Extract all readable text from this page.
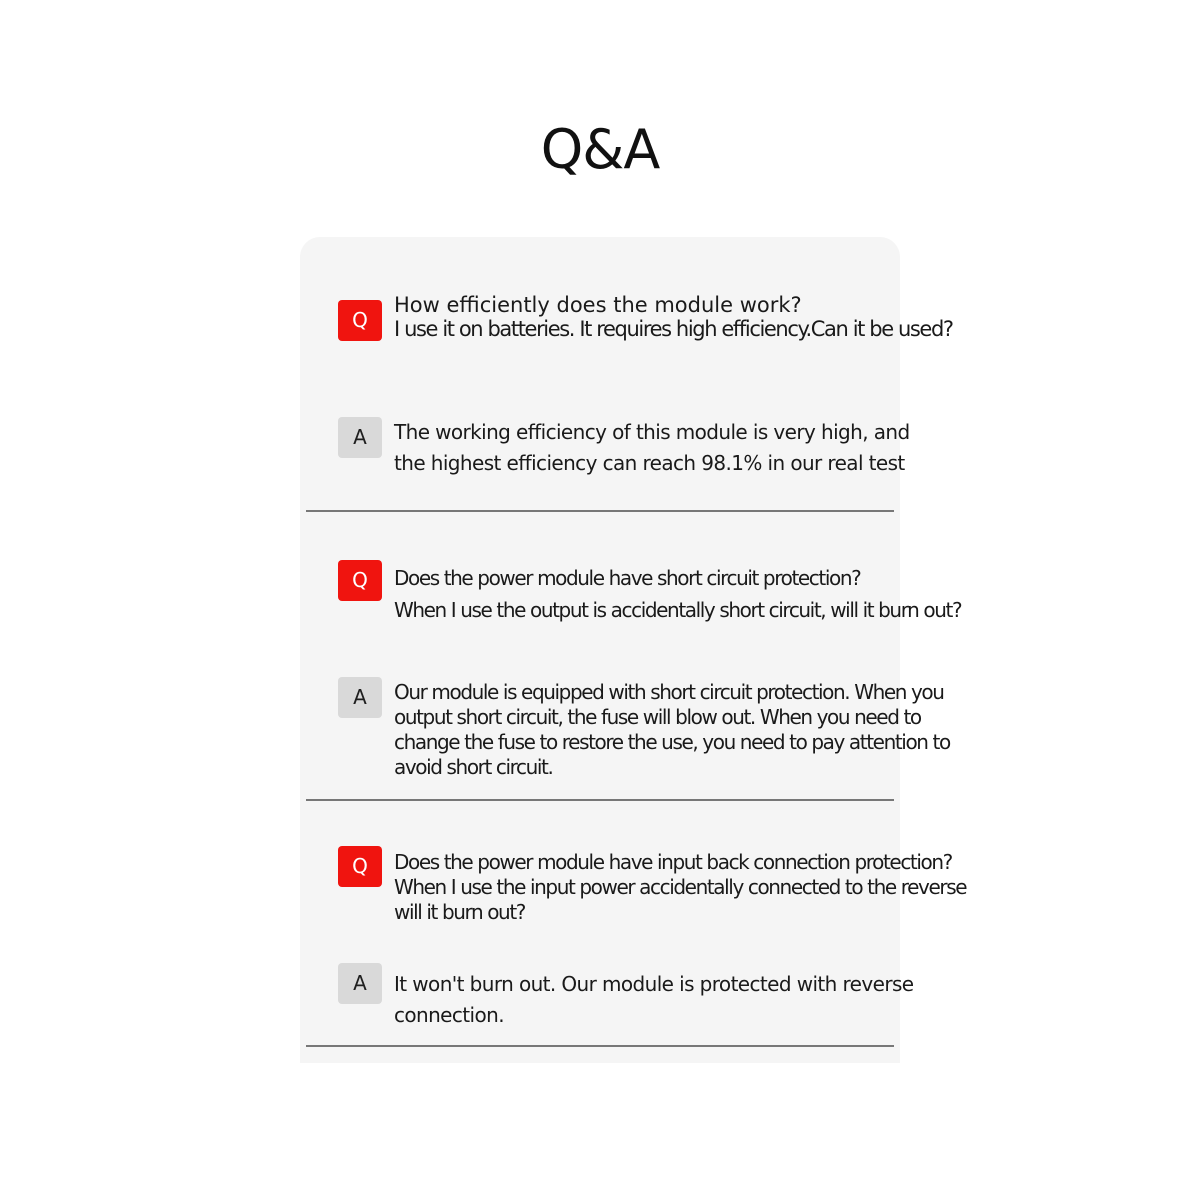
Q&A
Q

How efficiently does the module work?
I use it on batteries. It requires high efficiency.Can it be used?

A	The working efficiency of this module is very high, and
the highest efficiency can reach 98.1% in our real test

Q	Does the power module have short circuit protection?
When I use the output is accidentally short circuit, will it burn out?

A	Our module is equipped with short circuit protection. When you
output short circuit, the fuse will blow out. When you need to
change the fuse to restore the use, you need to pay attention to
avoid short circuit.

Q	Does the power module have input back connection protection?
When I use the input power accidentally connected to the reverse
will it burn out?

A	It won't burn out. Our module is protected with reverse
connection.
